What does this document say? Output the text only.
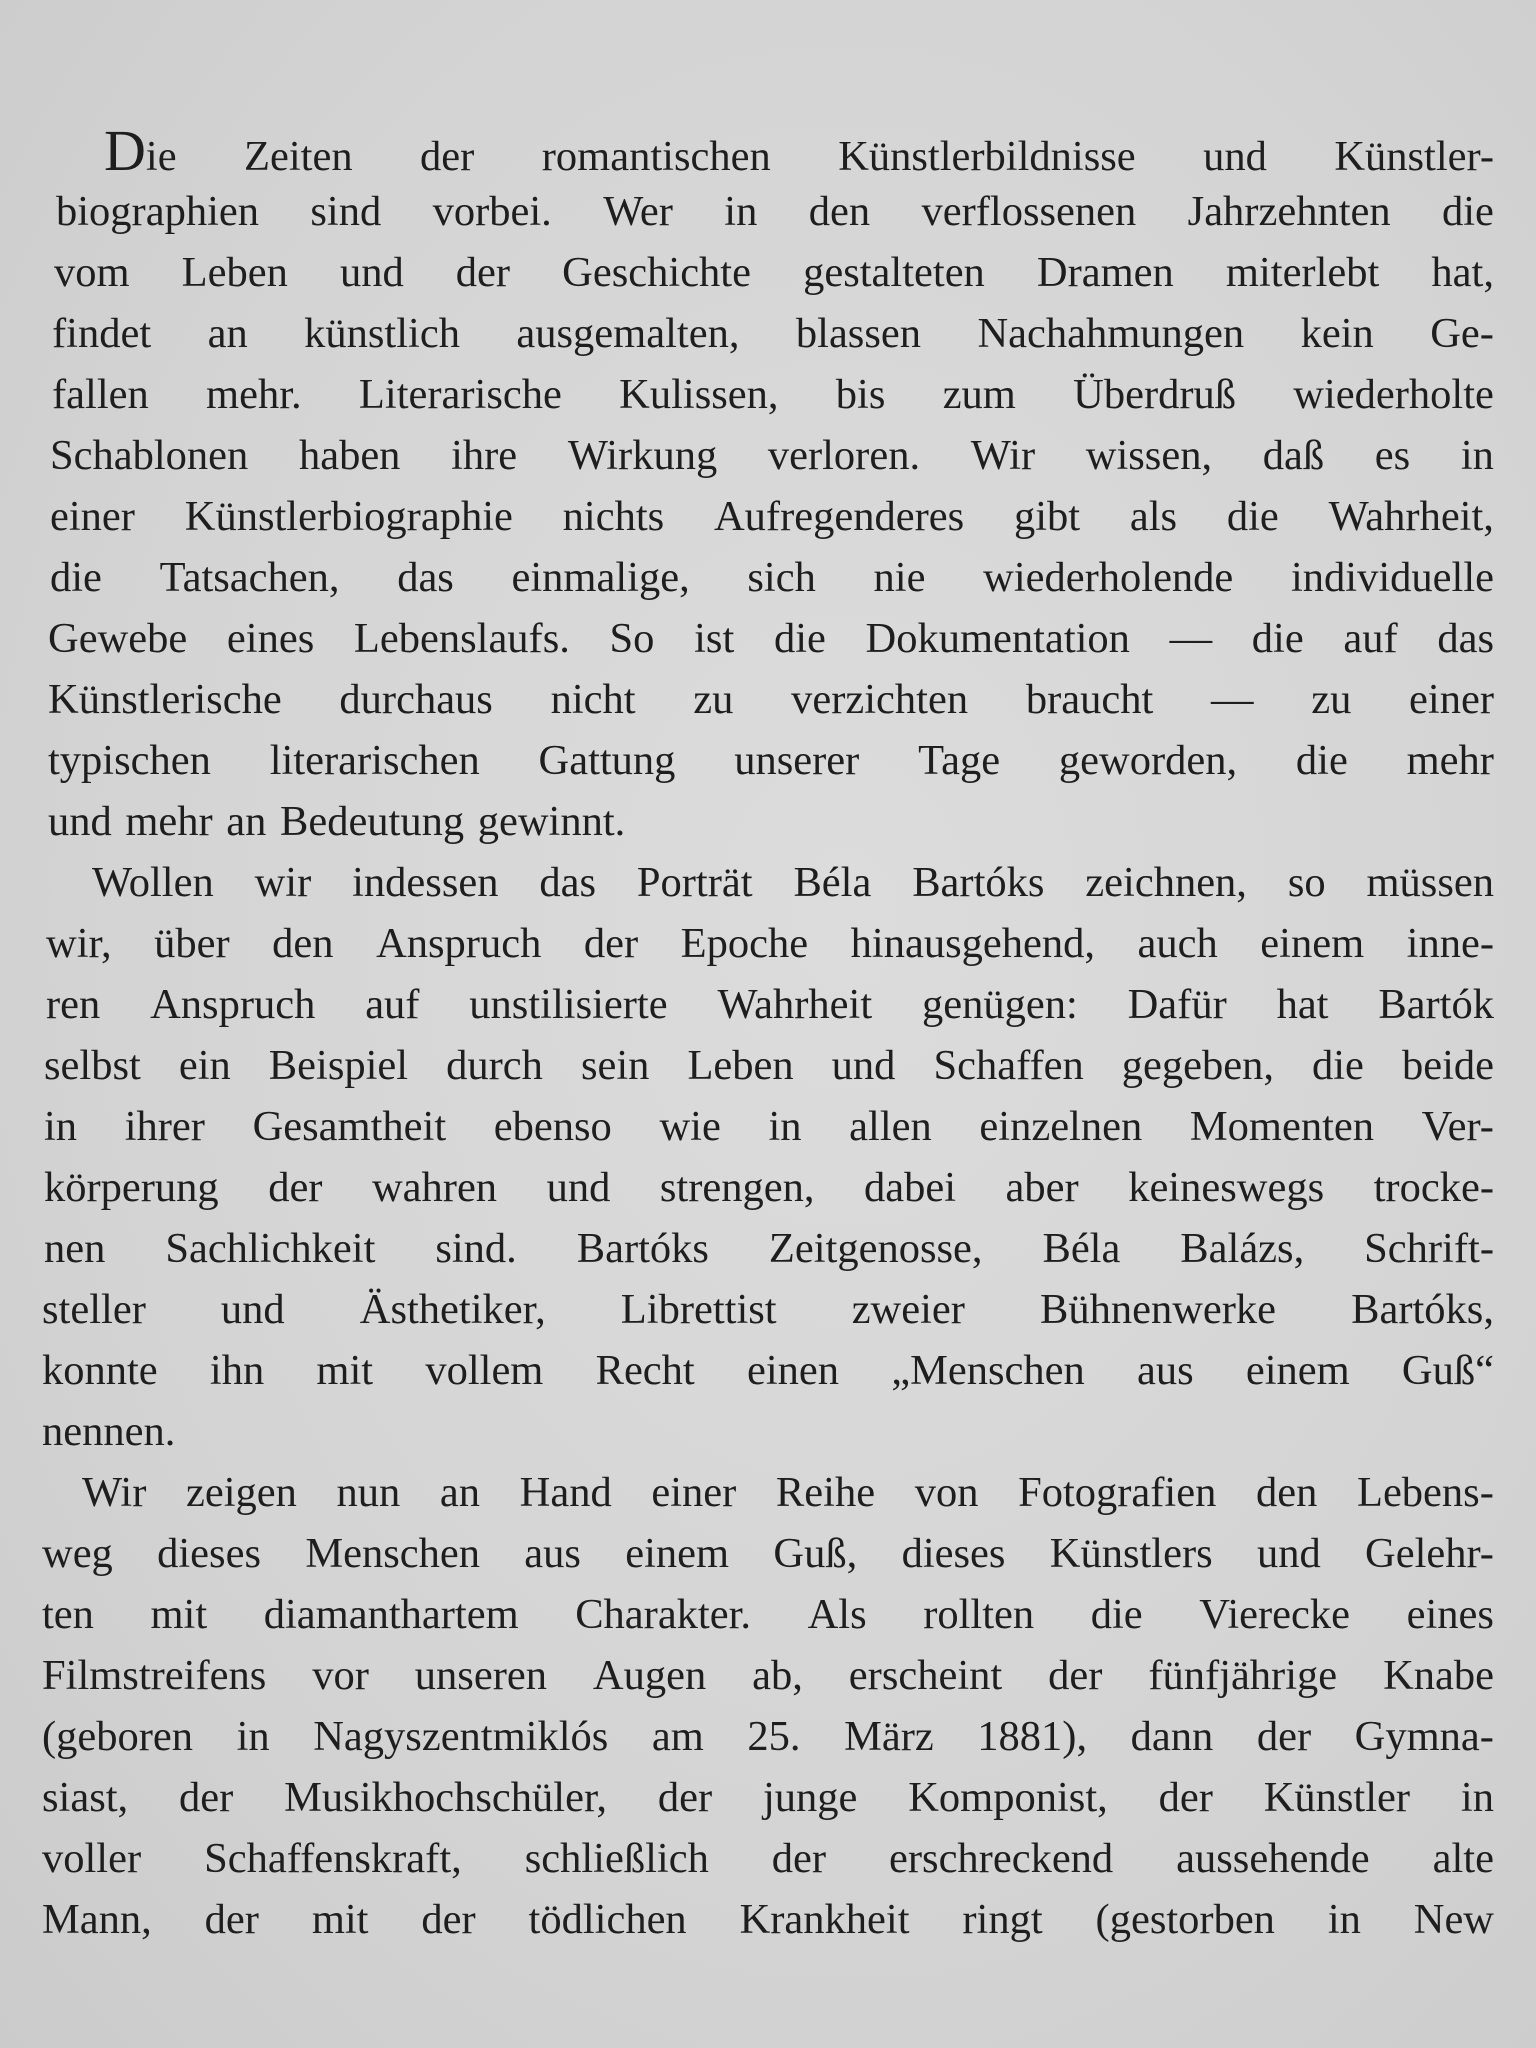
Die Zeiten der romantischen Künstlerbildnisse und Künstler-
biographien sind vorbei. Wer in den verflossenen Jahrzehnten die
vom Leben und der Geschichte gestalteten Dramen miterlebt hat,
findet an künstlich ausgemalten, blassen Nachahmungen kein Ge-
fallen mehr. Literarische Kulissen, bis zum Überdruß wiederholte
Schablonen haben ihre Wirkung verloren. Wir wissen, daß es in
einer Künstlerbiographie nichts Aufregenderes gibt als die Wahrheit,
die Tatsachen, das einmalige, sich nie wiederholende individuelle
Gewebe eines Lebenslaufs. So ist die Dokumentation — die auf das
Künstlerische durchaus nicht zu verzichten braucht — zu einer
typischen literarischen Gattung unserer Tage geworden, die mehr
und mehr an Bedeutung gewinnt.
Wollen wir indessen das Porträt Béla Bartóks zeichnen, so müssen
wir, über den Anspruch der Epoche hinausgehend, auch einem inne-
ren Anspruch auf unstilisierte Wahrheit genügen: Dafür hat Bartók
selbst ein Beispiel durch sein Leben und Schaffen gegeben, die beide
in ihrer Gesamtheit ebenso wie in allen einzelnen Momenten Ver-
körperung der wahren und strengen, dabei aber keineswegs trocke-
nen Sachlichkeit sind. Bartóks Zeitgenosse, Béla Balázs, Schrift-
steller und Ästhetiker, Librettist zweier Bühnenwerke Bartóks,
konnte ihn mit vollem Recht einen „Menschen aus einem Guß“
nennen.
Wir zeigen nun an Hand einer Reihe von Fotografien den Lebens-
weg dieses Menschen aus einem Guß, dieses Künstlers und Gelehr-
ten mit diamanthartem Charakter. Als rollten die Vierecke eines
Filmstreifens vor unseren Augen ab, erscheint der fünfjährige Knabe
(geboren in Nagyszentmiklós am 25. März 1881), dann der Gymna-
siast, der Musikhochschüler, der junge Komponist, der Künstler in
voller Schaffenskraft, schließlich der erschreckend aussehende alte
Mann, der mit der tödlichen Krankheit ringt (gestorben in New
